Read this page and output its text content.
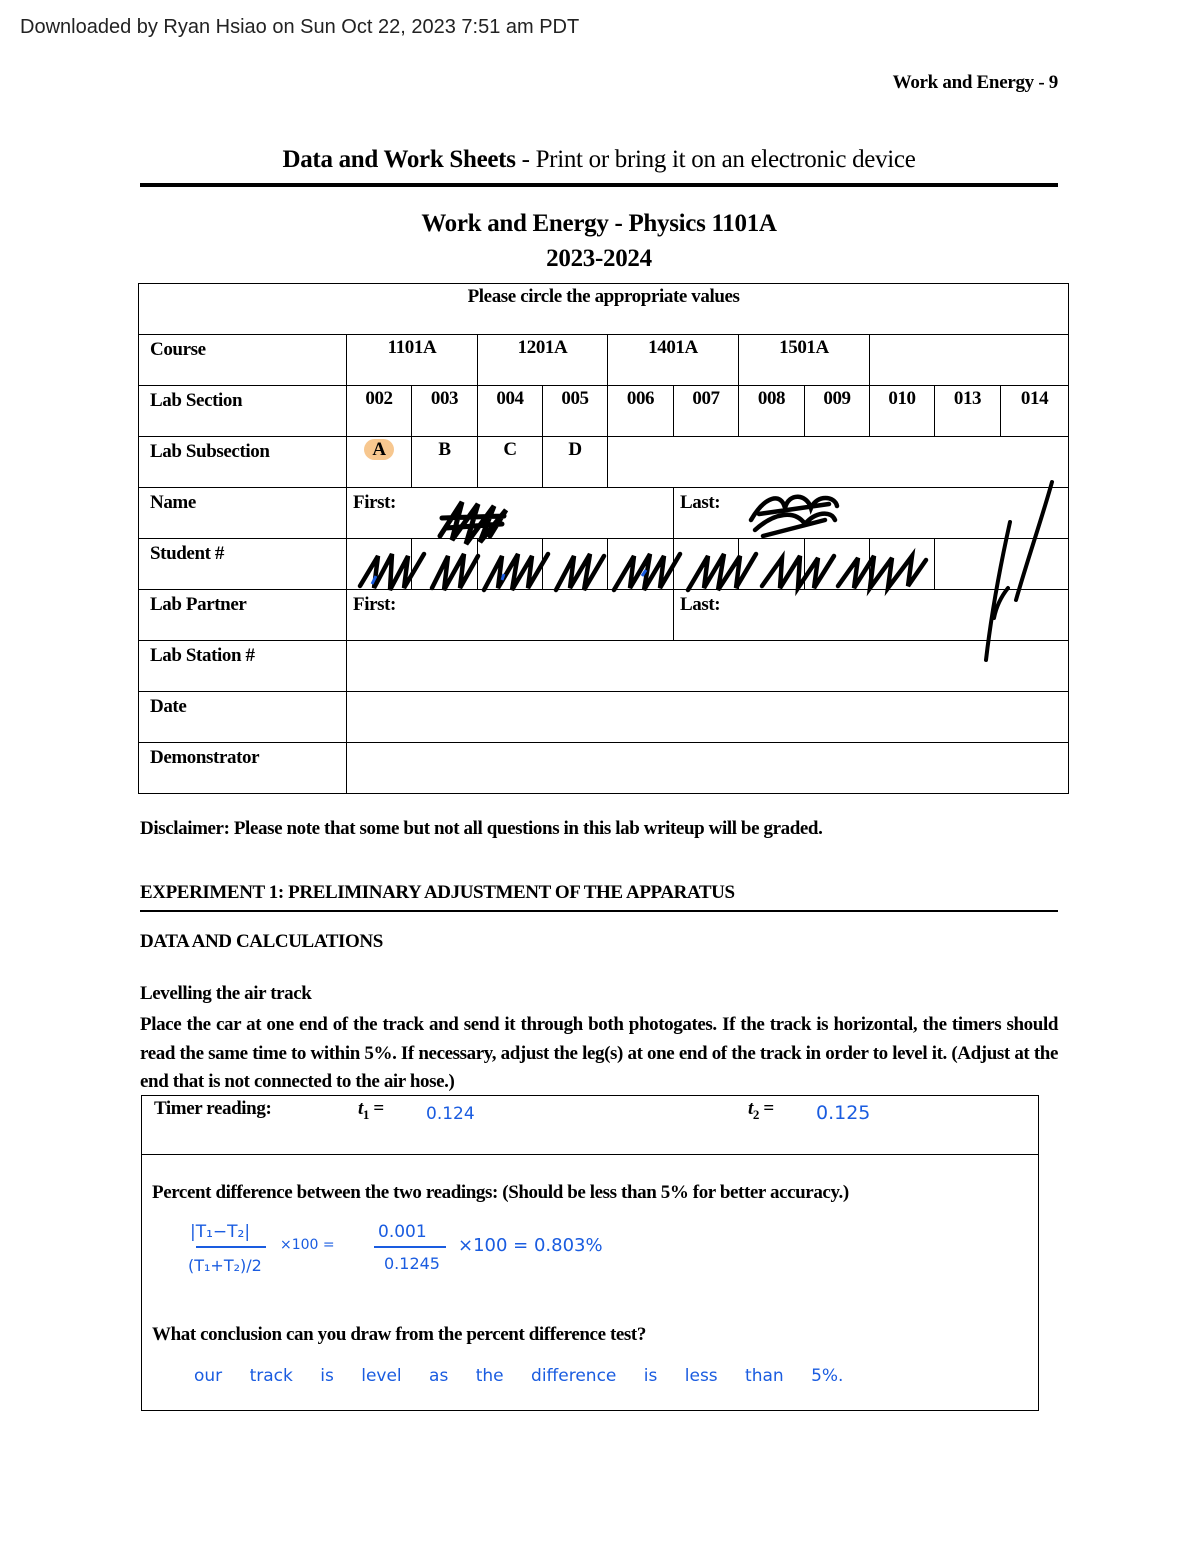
Downloaded by Ryan Hsiao on Sun Oct 22, 2023 7:51 am PDT
Work and Energy - 9
Data and Work Sheets - Print or bring it on an electronic device
Work and Energy - Physics 1101A
2023-2024
Please circle the appropriate values											
Course	1101A		1201A		1401A		1501A				
Lab Section	002	003	004	005	006	007	008	009	010	013	014
Lab Subsection	A	B	C	D							
Name	First:					Last:					
Student #											
Lab Partner	First:					Last:					
Lab Station #											
Date											
Demonstrator											
Disclaimer: Please note that some but not all questions in this lab writeup will be graded.
EXPERIMENT 1: PRELIMINARY ADJUSTMENT OF THE APPARATUS
DATA AND CALCULATIONS
Levelling the air track
Place the car at one end of the track and send it through both photogates. If the track is horizontal, the timers should read the same time to within 5%. If necessary, adjust the leg(s) at one end of the track in order to level it. (Adjust at the end that is not connected to the air hose.)
Timer reading:	$t_1 = 0.124$	$t_2 = 0.125$
Percent difference between the two readings: (Should be less than 5% for better accuracy.)
|T₁−T₂|
(T₁+T₂)/2
×100 =
0.001
0.1245
×100 = 0.803%
What conclusion can you draw from the percent difference test?
our track is level as the difference is less than 5%.
